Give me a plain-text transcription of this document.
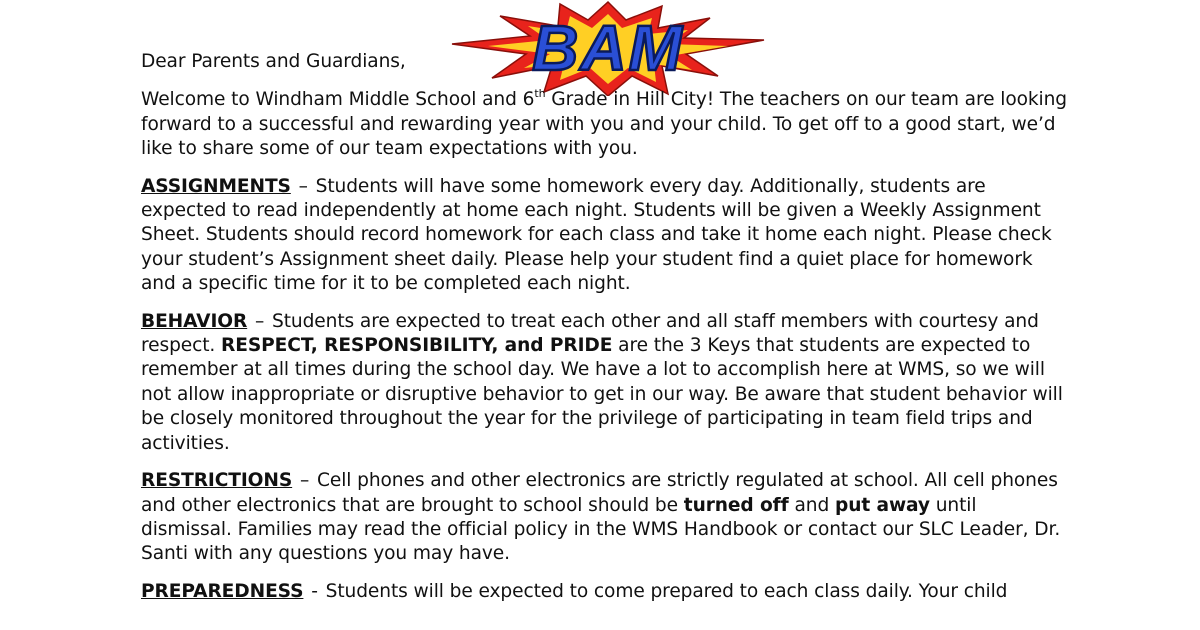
BAM

Dear Parents and Guardians,

Welcome to Windham Middle School and 6th Grade in Hill City! The teachers on our team are looking forward to a successful and rewarding year with you and your child. To get off to a good start, we’d like to share some of our team expectations with you.

ASSIGNMENTS – Students will have some homework every day. Additionally, students are expected to read independently at home each night. Students will be given a Weekly Assignment Sheet. Students should record homework for each class and take it home each night. Please check your student’s Assignment sheet daily. Please help your student find a quiet place for homework and a specific time for it to be completed each night.

BEHAVIOR – Students are expected to treat each other and all staff members with courtesy and respect. RESPECT, RESPONSIBILITY, and PRIDE are the 3 Keys that students are expected to remember at all times during the school day. We have a lot to accomplish here at WMS, so we will not allow inappropriate or disruptive behavior to get in our way. Be aware that student behavior will be closely monitored throughout the year for the privilege of participating in team field trips and activities.

RESTRICTIONS – Cell phones and other electronics are strictly regulated at school. All cell phones and other electronics that are brought to school should be turned off and put away until dismissal. Families may read the official policy in the WMS Handbook or contact our SLC Leader, Dr. Santi with any questions you may have.

PREPAREDNESS - Students will be expected to come prepared to each class daily. Your child
